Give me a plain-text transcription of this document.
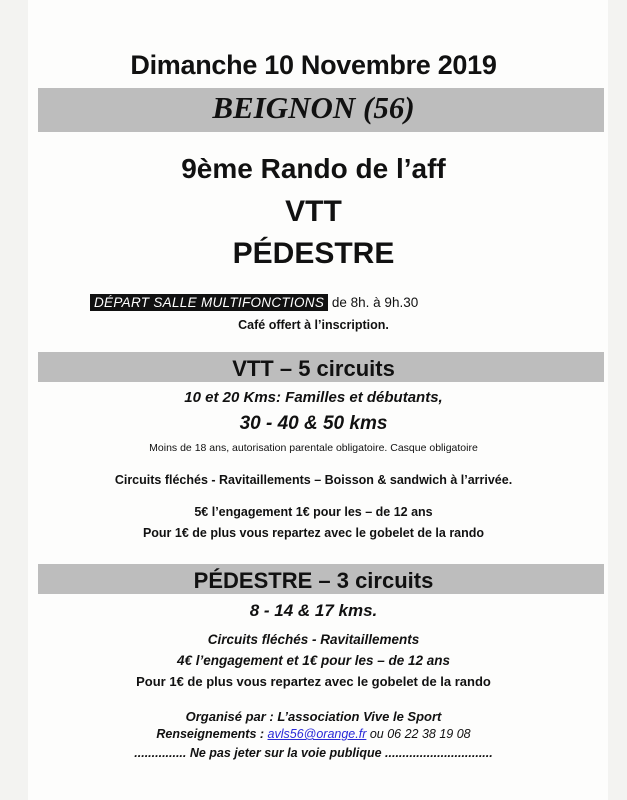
Dimanche 10 Novembre 2019
BEIGNON (56)
9ème Rando de l’aff
VTT
PÉDESTRE
DÉPART SALLE MULTIFONCTIONS de 8h. à 9h.30
Café offert à l’inscription.
VTT – 5 circuits
10 et 20 Kms: Familles et débutants,
30 - 40 & 50 kms
Moins de 18 ans, autorisation parentale obligatoire. Casque obligatoire
Circuits fléchés - Ravitaillements – Boisson & sandwich à l’arrivée.
5€ l’engagement 1€ pour les – de 12 ans
Pour 1€ de plus vous repartez avec le gobelet de la rando
PÉDESTRE – 3 circuits
8 - 14 & 17 kms.
Circuits fléchés - Ravitaillements
4€ l’engagement et 1€ pour les – de 12 ans
Pour 1€ de plus vous repartez avec le gobelet de la rando
Organisé par : L’association Vive le Sport
Renseignements : avls56@orange.fr ou 06 22 38 19 08
............... Ne pas jeter sur la voie publique ...............................
